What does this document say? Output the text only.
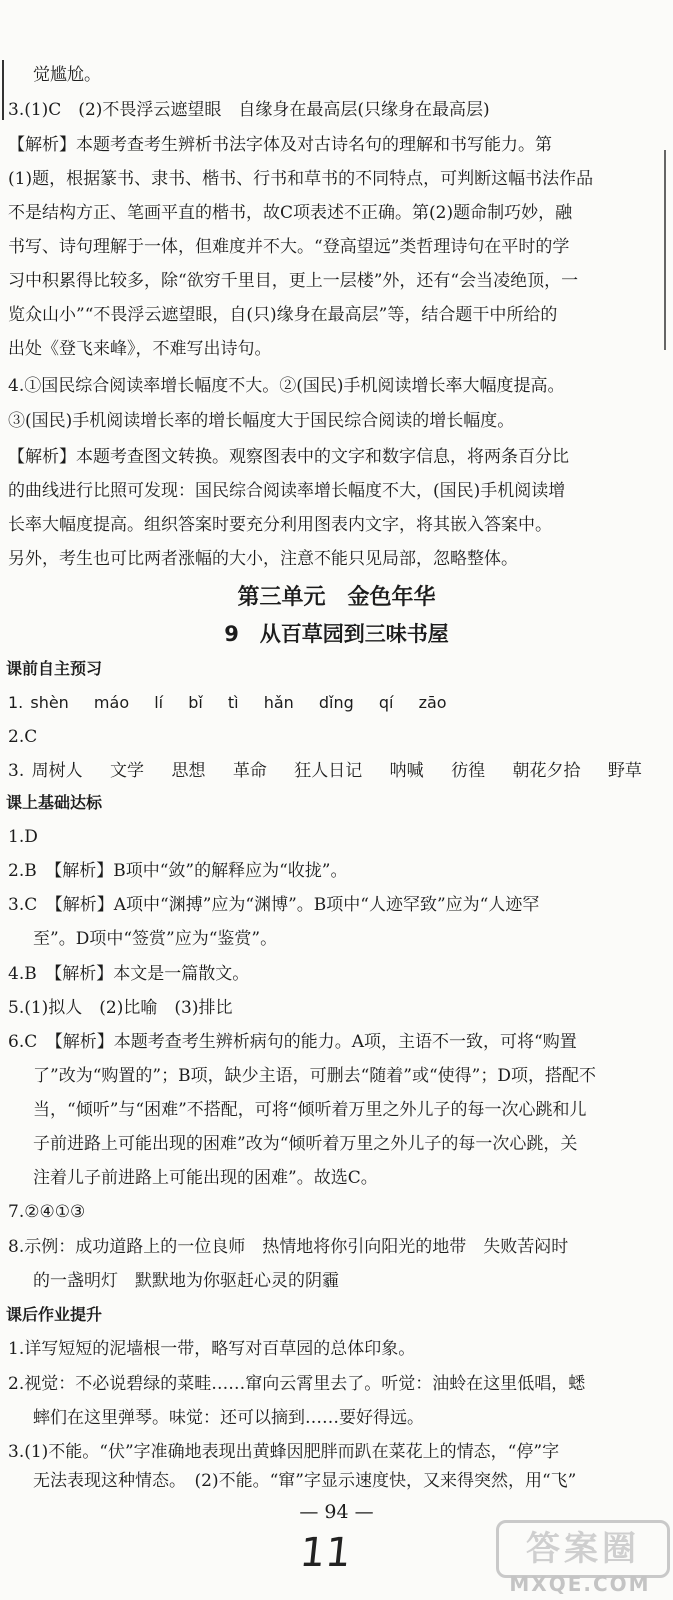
觉尴尬。
3.(1)C　(2)不畏浮云遮望眼　自缘身在最高层(只缘身在最高层)
【解析】本题考查考生辨析书法字体及对古诗名句的理解和书写能力。第
(1)题，根据篆书、隶书、楷书、行书和草书的不同特点，可判断这幅书法作品
不是结构方正、笔画平直的楷书，故C项表述不正确。第(2)题命制巧妙，融
书写、诗句理解于一体，但难度并不大。“登高望远”类哲理诗句在平时的学
习中积累得比较多，除“欲穷千里目，更上一层楼”外，还有“会当凌绝顶，一
览众山小”“不畏浮云遮望眼，自(只)缘身在最高层”等，结合题干中所给的
出处《登飞来峰》，不难写出诗句。
4.①国民综合阅读率增长幅度不大。②(国民)手机阅读增长率大幅度提高。
③(国民)手机阅读增长率的增长幅度大于国民综合阅读的增长幅度。
【解析】本题考查图文转换。观察图表中的文字和数字信息，将两条百分比
的曲线进行比照可发现：国民综合阅读率增长幅度不大，(国民)手机阅读增
长率大幅度提高。组织答案时要充分利用图表内文字，将其嵌入答案中。
另外，考生也可比两者涨幅的大小，注意不能只见局部，忽略整体。
第三单元　金色年华
9　从百草园到三味书屋
课前自主预习
1. shèn máo lí bǐ tì hǎn dǐng qí zāo
2.C
3. 周树人 文学 思想 革命 狂人日记 呐喊 彷徨 朝花夕拾 野草
课上基础达标
1.D
2.B　【解析】B项中“敛”的解释应为“收拢”。
3.C　【解析】A项中“渊搏”应为“渊博”。B项中“人迹罕致”应为“人迹罕
至”。D项中“签赏”应为“鉴赏”。
4.B　【解析】本文是一篇散文。
5.(1)拟人　(2)比喻　(3)排比
6.C　【解析】本题考查考生辨析病句的能力。A项，主语不一致，可将“购置
了”改为“购置的”；B项，缺少主语，可删去“随着”或“使得”；D项，搭配不
当，“倾听”与“困难”不搭配，可将“倾听着万里之外儿子的每一次心跳和儿
子前进路上可能出现的困难”改为“倾听着万里之外儿子的每一次心跳，关
注着儿子前进路上可能出现的困难”。故选C。
7.②④①③
8.示例：成功道路上的一位良师　热情地将你引向阳光的地带　失败苦闷时
的一盏明灯　默默地为你驱赶心灵的阴霾
课后作业提升
1.详写短短的泥墙根一带，略写对百草园的总体印象。
2.视觉：不必说碧绿的菜畦……窜向云霄里去了。听觉：油蛉在这里低唱，蟋
蟀们在这里弹琴。味觉：还可以摘到……要好得远。
3.(1)不能。“伏”字准确地表现出黄蜂因肥胖而趴在菜花上的情态，“停”字
无法表现这种情态。　(2)不能。“窜”字显示速度快，又来得突然，用“飞”
— 94 —
11	答案圈
MXQE.COM
